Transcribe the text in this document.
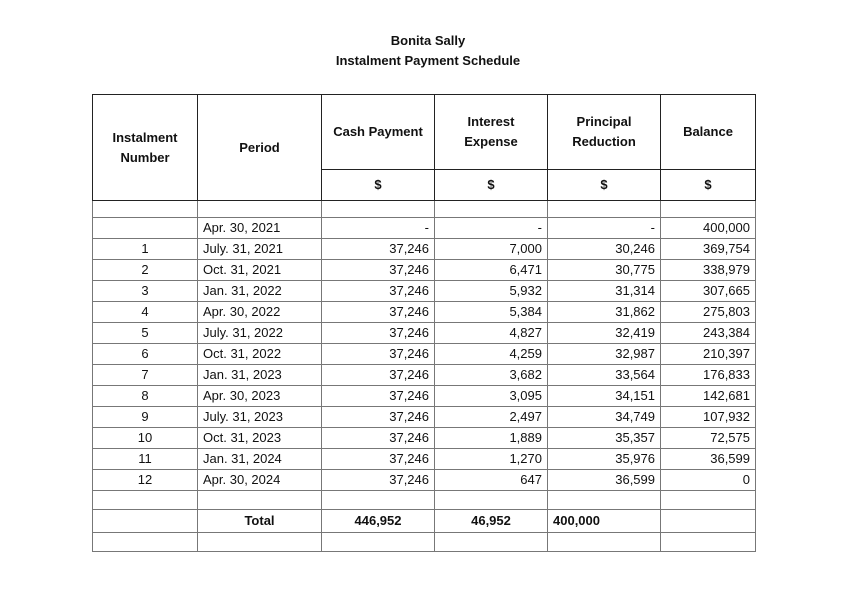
Bonita Sally
Instalment Payment Schedule
Instalment Number	Period	Cash Payment	Interest Expense	Principal Reduction	Balance
		$	$	$	$

	Apr. 30, 2021	-	-	-	400,000
1	July. 31, 2021	37,246	7,000	30,246	369,754
2	Oct. 31, 2021	37,246	6,471	30,775	338,979
3	Jan. 31, 2022	37,246	5,932	31,314	307,665
4	Apr. 30, 2022	37,246	5,384	31,862	275,803
5	July. 31, 2022	37,246	4,827	32,419	243,384
6	Oct. 31, 2022	37,246	4,259	32,987	210,397
7	Jan. 31, 2023	37,246	3,682	33,564	176,833
8	Apr. 30, 2023	37,246	3,095	34,151	142,681
9	July. 31, 2023	37,246	2,497	34,749	107,932
10	Oct. 31, 2023	37,246	1,889	35,357	72,575
11	Jan. 31, 2024	37,246	1,270	35,976	36,599
12	Apr. 30, 2024	37,246	647	36,599	0

	Total	446,952	46,952	400,000	
